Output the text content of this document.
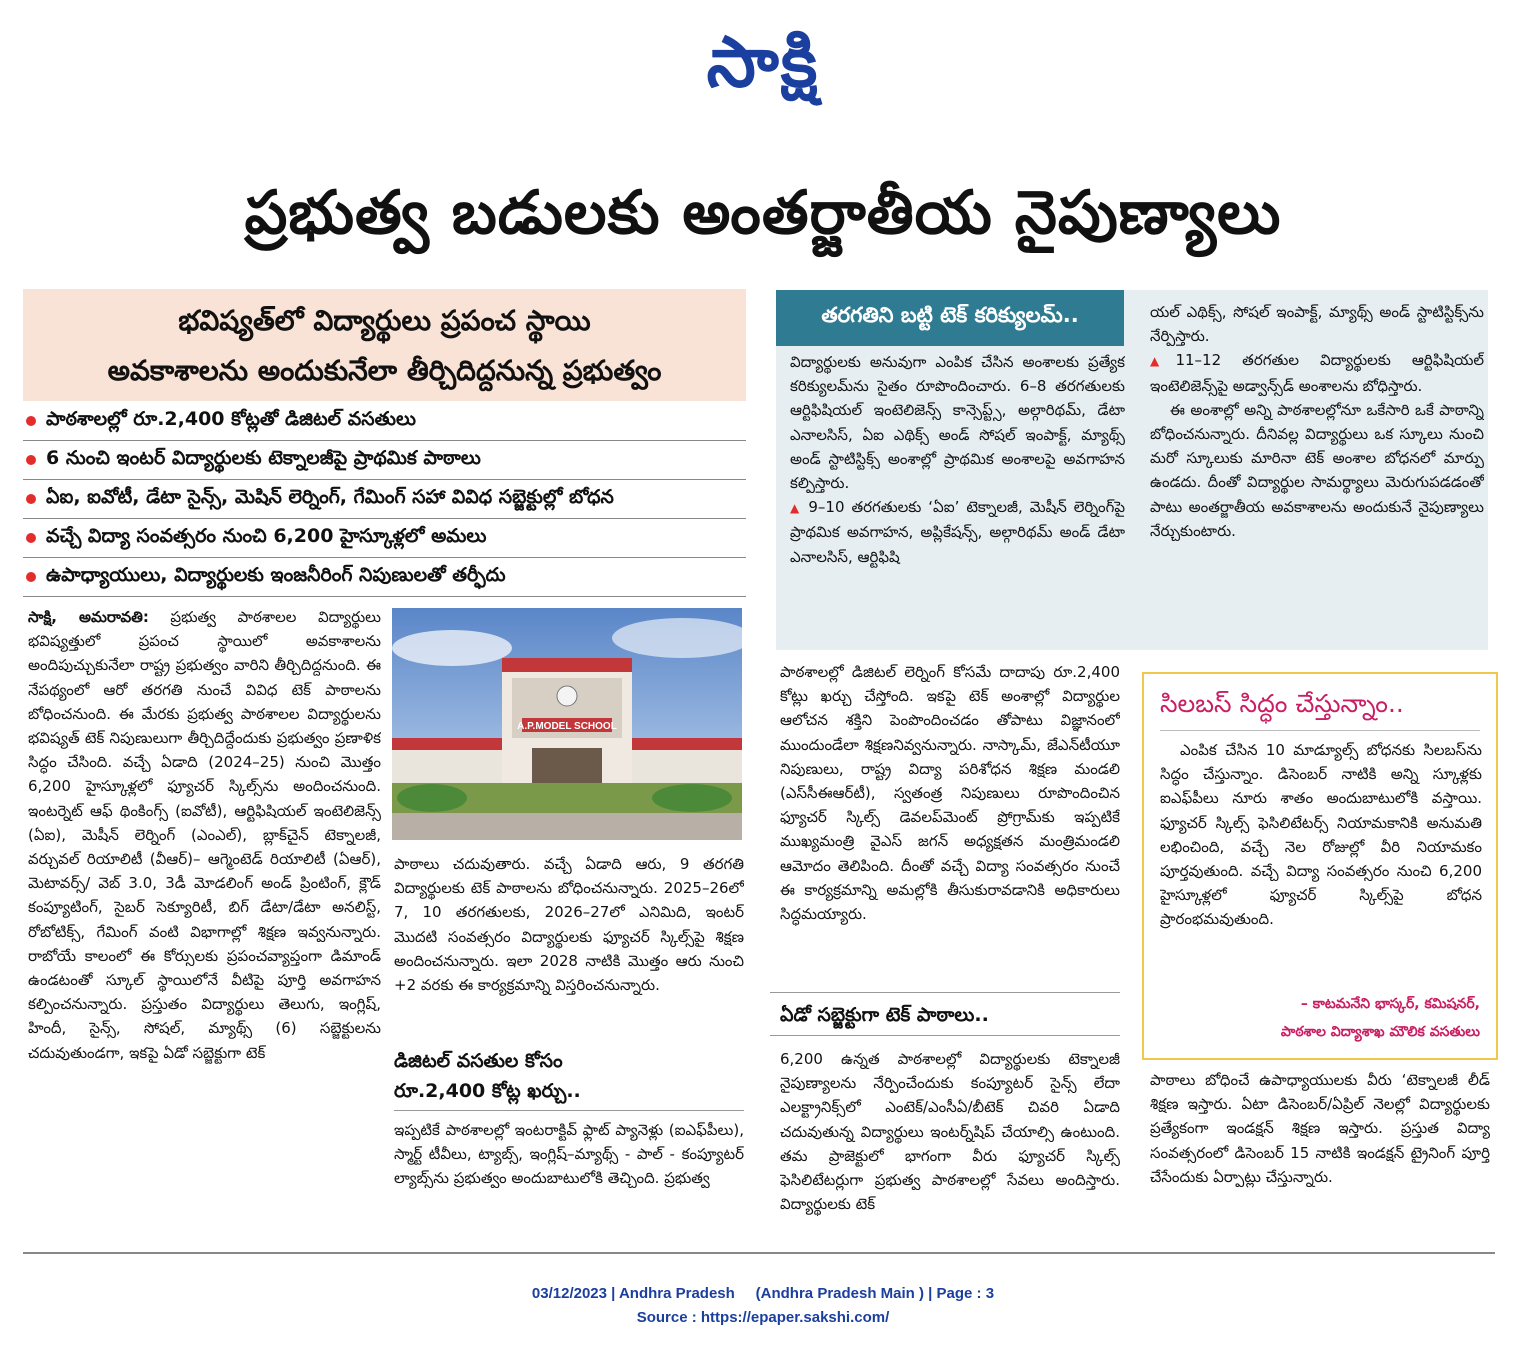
సాక్షి
ప్రభుత్వ బడులకు అంతర్జాతీయ నైపుణ్యాలు
భవిష్యత్‌లో విద్యార్థులు ప్రపంచ స్థాయి
అవకాశాలను అందుకునేలా తీర్చిదిద్దనున్న ప్రభుత్వం
పాఠశాలల్లో రూ.2,400 కోట్లతో డిజిటల్‌ వసతులు
6 నుంచి ఇంటర్‌ విద్యార్థులకు టెక్నాలజీపై ప్రాథమిక పాఠాలు
ఏఐ, ఐవోటీ, డేటా సైన్స్, మెషిన్‌ లెర్నింగ్, గేమింగ్‌ సహా వివిధ సబ్జెక్టుల్లో బోధన
వచ్చే విద్యా సంవత్సరం నుంచి 6,200 హైస్కూళ్లలో అమలు
ఉపాధ్యాయులు, విద్యార్థులకు ఇంజనీరింగ్‌ నిపుణులతో తర్ఫీదు

సాక్షి, అమరావతి: ప్రభుత్వ పాఠశాలల విద్యార్థులు భవిష్యత్తులో ప్రపంచ స్థాయిలో అవకాశాలను అందిపుచ్చుకునేలా రాష్ట్ర ప్రభుత్వం వారిని తీర్చిదిద్దనుంది. ఈ నేపథ్యంలో ఆరో తరగతి నుంచే వివిధ టెక్‌ పాఠాలను బోధించనుంది. ఈ మేరకు ప్రభుత్వ పాఠశాలల విద్యార్థులను భవిష్యత్‌ టెక్‌ నిపుణులుగా తీర్చిదిద్దేందుకు ప్రభుత్వం ప్రణాళిక సిద్ధం చేసింది. వచ్చే ఏడాది (2024–25) నుంచి మొత్తం 6,200 హైస్కూళ్లలో ఫ్యూచర్‌ స్కిల్స్‌ను అందించనుంది. ఇంటర్నెట్‌ ఆఫ్‌ థింకింగ్స్‌ (ఐవోటీ), ఆర్టిఫిషియల్‌ ఇంటెలిజెన్స్‌ (ఏఐ), మెషీన్‌ లెర్నింగ్‌ (ఎంఎల్‌), బ్లాక్‌చైన్‌ టెక్నాలజీ, వర్చువల్‌ రియాలిటీ (వీఆర్‌)– ఆగ్మెంటెడ్‌ రియాలిటీ (ఏఆర్‌), మెటావర్స్‌/ వెబ్‌ 3.0, 3డీ మోడలింగ్‌ అండ్‌ ప్రింటింగ్, క్లౌడ్‌ కంప్యూటింగ్, సైబర్‌ సెక్యూరిటీ, బిగ్‌ డేటా/డేటా అనలిస్ట్, రోబోటిక్స్, గేమింగ్‌ వంటి విభాగాల్లో శిక్షణ ఇవ్వనున్నారు. రాబోయే కాలంలో ఈ కోర్సులకు ప్రపంచవ్యాప్తంగా డిమాండ్‌ ఉండటంతో స్కూల్‌ స్థాయిలోనే వీటిపై పూర్తి అవగాహన కల్పించనున్నారు. ప్రస్తుతం విద్యార్థులు తెలుగు, ఇంగ్లిష్, హిందీ, సైన్స్, సోషల్, మ్యాథ్స్‌ (6) సబ్జెక్టులను చదువుతుండగా, ఇకపై ఏడో సబ్జెక్టుగా టెక్‌

A.P.MODEL SCHOOL

పాఠాలు చదువుతారు. వచ్చే ఏడాది ఆరు, 9 తరగతి విద్యార్థులకు టెక్‌ పాఠాలను బోధించనున్నారు. 2025–26లో 7, 10 తరగతులకు, 2026–27లో ఎనిమిది, ఇంటర్‌ మొదటి సంవత్సరం విద్యార్థులకు ఫ్యూచర్‌ స్కిల్స్‌పై శిక్షణ అందించనున్నారు. ఇలా 2028 నాటికి మొత్తం ఆరు నుంచి +2 వరకు ఈ కార్యక్రమాన్ని విస్తరించనున్నారు.

డిజిటల్‌ వసతుల కోసం
రూ.2,400 కోట్ల ఖర్చు..

ఇప్పటికే పాఠశాలల్లో ఇంటరాక్టివ్‌ ఫ్లాట్‌ ప్యానెళ్లు (ఐఎఫ్‌పీలు), స్మార్ట్‌ టీవీలు, ట్యాబ్స్, ఇంగ్లిష్‌–మ్యాథ్స్‌ - పాల్‌ - కంప్యూటర్‌ ల్యాబ్స్‌ను ప్రభుత్వం అందుబాటులోకి తెచ్చింది. ప్రభుత్వ

తరగతిని బట్టి టెక్‌ కరిక్యులమ్‌..

విద్యార్థులకు అనువుగా ఎంపిక చేసిన అంశాలకు ప్రత్యేక కరిక్యులమ్‌ను సైతం రూపొందించారు. 6–8 తరగతులకు ఆర్టిఫిషియల్‌ ఇంటెలిజెన్స్‌ కాన్సెప్ట్స్, అల్గారిథమ్, డేటా ఎనాలసిస్, ఏఐ ఎథిక్స్‌ అండ్‌ సోషల్‌ ఇంపాక్ట్, మ్యాథ్స్‌ అండ్‌ స్టాటిస్టిక్స్‌ అంశాల్లో ప్రాథమిక అంశాలపై అవగాహన కల్పిస్తారు.

▲ 9–10 తరగతులకు ‘ఏఐ’ టెక్నాలజీ, మెషీన్‌ లెర్నింగ్‌పై ప్రాథమిక అవగాహన, అప్లికేషన్స్, అల్గారిథమ్‌ అండ్‌ డేటా ఎనాలసిస్, ఆర్టిఫిషి

యల్‌ ఎథిక్స్, సోషల్‌ ఇంపాక్ట్, మ్యాథ్స్‌ అండ్‌ స్టాటిస్టిక్స్‌ను నేర్పిస్తారు.

▲11–12 తరగతుల విద్యార్థులకు ఆర్టిఫిషియల్‌ ఇంటెలిజెన్స్‌పై అడ్వాన్స్‌డ్‌ అంశాలను బోధిస్తారు.

ఈ అంశాల్లో అన్ని పాఠశాలల్లోనూ ఒకేసారి ఒకే పాఠాన్ని బోధించనున్నారు. దీనివల్ల విద్యార్థులు ఒక స్కూలు నుంచి మరో స్కూలుకు మారినా టెక్‌ అంశాల బోధనలో మార్పు ఉండదు. దీంతో విద్యార్థుల సామర్థ్యాలు మెరుగుపడడంతో పాటు అంతర్జాతీయ అవకాశాలను అందుకునే నైపుణ్యాలు నేర్చుకుంటారు.

పాఠశాలల్లో డిజిటల్‌ లెర్నింగ్‌ కోసమే దాదాపు రూ.2,400 కోట్లు ఖర్చు చేస్తోంది. ఇకపై టెక్‌ అంశాల్లో విద్యార్థుల ఆలోచన శక్తిని పెంపొందించడం తోపాటు విజ్ఞానంలో ముందుండేలా శిక్షణనివ్వనున్నారు. నాస్కామ్, జేఎన్‌టీయూ నిపుణులు, రాష్ట్ర విద్యా పరిశోధన శిక్షణ మండలి (ఎస్‌సీఈఆర్‌టీ), స్వతంత్ర నిపుణులు రూపొందించిన ఫ్యూచర్‌ స్కిల్స్‌ డెవలప్‌మెంట్‌ ప్రోగ్రామ్‌కు ఇప్పటికే ముఖ్యమంత్రి వైఎస్‌ జగన్‌ అధ్యక్షతన మంత్రిమండలి ఆమోదం తెలిపింది. దీంతో వచ్చే విద్యా సంవత్సరం నుంచే ఈ కార్యక్రమాన్ని అమల్లోకి తీసుకురావడానికి అధికారులు సిద్ధమయ్యారు.

ఏడో సబ్జెక్టుగా టెక్‌ పాఠాలు..

6,200 ఉన్నత పాఠశాలల్లో విద్యార్థులకు టెక్నాలజీ నైపుణ్యాలను నేర్పించేందుకు కంప్యూటర్‌ సైన్స్‌ లేదా ఎలక్ట్రానిక్స్‌లో ఎంటెక్‌/ఎంసీఏ/బీటెక్‌ చివరి ఏడాది చదువుతున్న విద్యార్థులు ఇంటర్న్‌షిప్‌ చేయాల్సి ఉంటుంది. తమ ప్రాజెక్టులో భాగంగా వీరు ఫ్యూచర్‌ స్కిల్స్‌ ఫెసిలిటేటర్లుగా ప్రభుత్వ పాఠశాలల్లో సేవలు అందిస్తారు. విద్యార్థులకు టెక్‌

సిలబస్‌ సిద్ధం చేస్తున్నాం..

ఎంపిక చేసిన 10 మాడ్యూల్స్‌ బోధనకు సిలబస్‌ను సిద్ధం చేస్తున్నాం. డిసెంబర్‌ నాటికి అన్ని స్కూళ్లకు ఐఎఫ్‌పీలు నూరు శాతం అందుబాటులోకి వస్తాయి. ఫ్యూచర్‌ స్కిల్స్‌ ఫెసిలిటేటర్స్‌ నియామకానికి అనుమతి లభించింది, వచ్చే నెల రోజుల్లో వీరి నియామకం పూర్తవుతుంది. వచ్చే విద్యా సంవత్సరం నుంచి 6,200 హైస్కూళ్లలో ఫ్యూచర్‌ స్కిల్స్‌పై బోధన ప్రారంభమవుతుంది.

– కాటమనేని భాస్కర్, కమిషనర్,
పాఠశాల విద్యాశాఖ మౌలిక వసతులు

పాఠాలు బోధించే ఉపాధ్యాయులకు వీరు ‘టెక్నాలజీ లీడ్‌ శిక్షణ ఇస్తారు. ఏటా డిసెంబర్‌/ఏప్రిల్‌ నెలల్లో విద్యార్థులకు ప్రత్యేకంగా ఇండక్షన్‌ శిక్షణ ఇస్తారు. ప్రస్తుత విద్యా సంవత్సరంలో డిసెంబర్‌ 15 నాటికి ఇండక్షన్‌ ట్రైనింగ్‌ పూర్తి చేసేందుకు ఏర్పాట్లు చేస్తున్నారు.

03/12/2023 | Andhra Pradesh     (Andhra Pradesh Main ) | Page : 3
Source : https://epaper.sakshi.com/
